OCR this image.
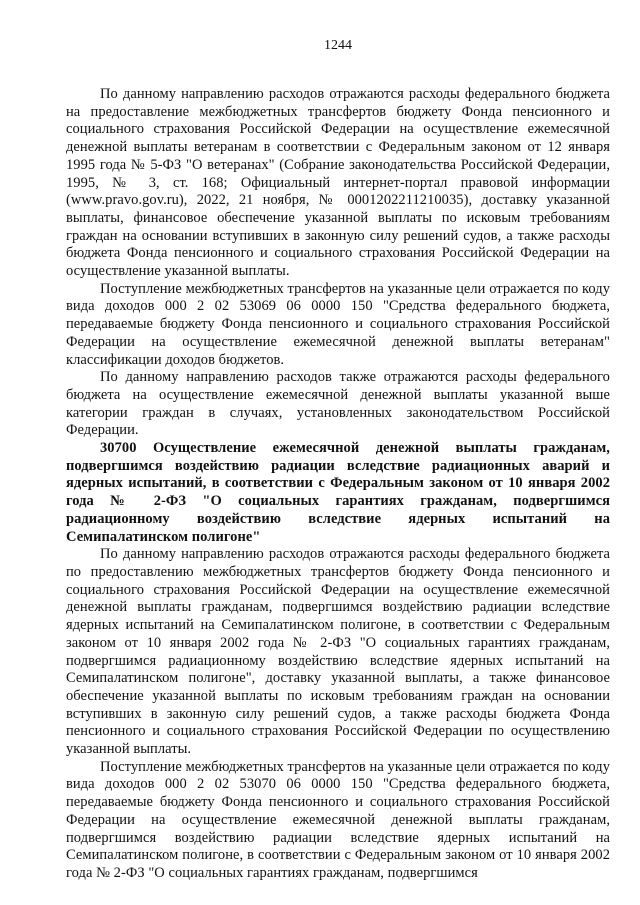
1244

По данному направлению расходов отражаются расходы федерального бюджета на предоставление межбюджетных трансфертов бюджету Фонда пенсионного и социального страхования Российской Федерации на осуществление ежемесячной денежной выплаты ветеранам в соответствии с Федеральным законом от 12 января 1995 года № 5-ФЗ "О ветеранах" (Собрание законодательства Российской Федерации, 1995, № 3, ст. 168; Официальный интернет-портал правовой информации (www.pravo.gov.ru), 2022, 21 ноября, № 0001202211210035), доставку указанной выплаты, финансовое обеспечение указанной выплаты по исковым требованиям граждан на основании вступивших в законную силу решений судов, а также расходы бюджета Фонда пенсионного и социального страхования Российской Федерации на осуществление указанной выплаты.

Поступление межбюджетных трансфертов на указанные цели отражается по коду вида доходов 000 2 02 53069 06 0000 150 "Средства федерального бюджета, передаваемые бюджету Фонда пенсионного и социального страхования Российской Федерации на осуществление ежемесячной денежной выплаты ветеранам" классификации доходов бюджетов.

По данному направлению расходов также отражаются расходы федерального бюджета на осуществление ежемесячной денежной выплаты указанной выше категории граждан в случаях, установленных законодательством Российской Федерации.

30700 Осуществление ежемесячной денежной выплаты гражданам, подвергшимся воздействию радиации вследствие радиационных аварий и ядерных испытаний, в соответствии с Федеральным законом от 10 января 2002 года № 2-ФЗ "О социальных гарантиях гражданам, подвергшимся радиационному воздействию вследствие ядерных испытаний на Семипалатинском полигоне"

По данному направлению расходов отражаются расходы федерального бюджета по предоставлению межбюджетных трансфертов бюджету Фонда пенсионного и социального страхования Российской Федерации на осуществление ежемесячной денежной выплаты гражданам, подвергшимся воздействию радиации вследствие ядерных испытаний на Семипалатинском полигоне, в соответствии с Федеральным законом от 10 января 2002 года № 2-ФЗ "О социальных гарантиях гражданам, подвергшимся радиационному воздействию вследствие ядерных испытаний на Семипалатинском полигоне", доставку указанной выплаты, а также финансовое обеспечение указанной выплаты по исковым требованиям граждан на основании вступивших в законную силу решений судов, а также расходы бюджета Фонда пенсионного и социального страхования Российской Федерации по осуществлению указанной выплаты.

Поступление межбюджетных трансфертов на указанные цели отражается по коду вида доходов 000 2 02 53070 06 0000 150 "Средства федерального бюджета, передаваемые бюджету Фонда пенсионного и социального страхования Российской Федерации на осуществление ежемесячной денежной выплаты гражданам, подвергшимся воздействию радиации вследствие ядерных испытаний на Семипалатинском полигоне, в соответствии с Федеральным законом от 10 января 2002 года № 2-ФЗ "О социальных гарантиях гражданам, подвергшимся
